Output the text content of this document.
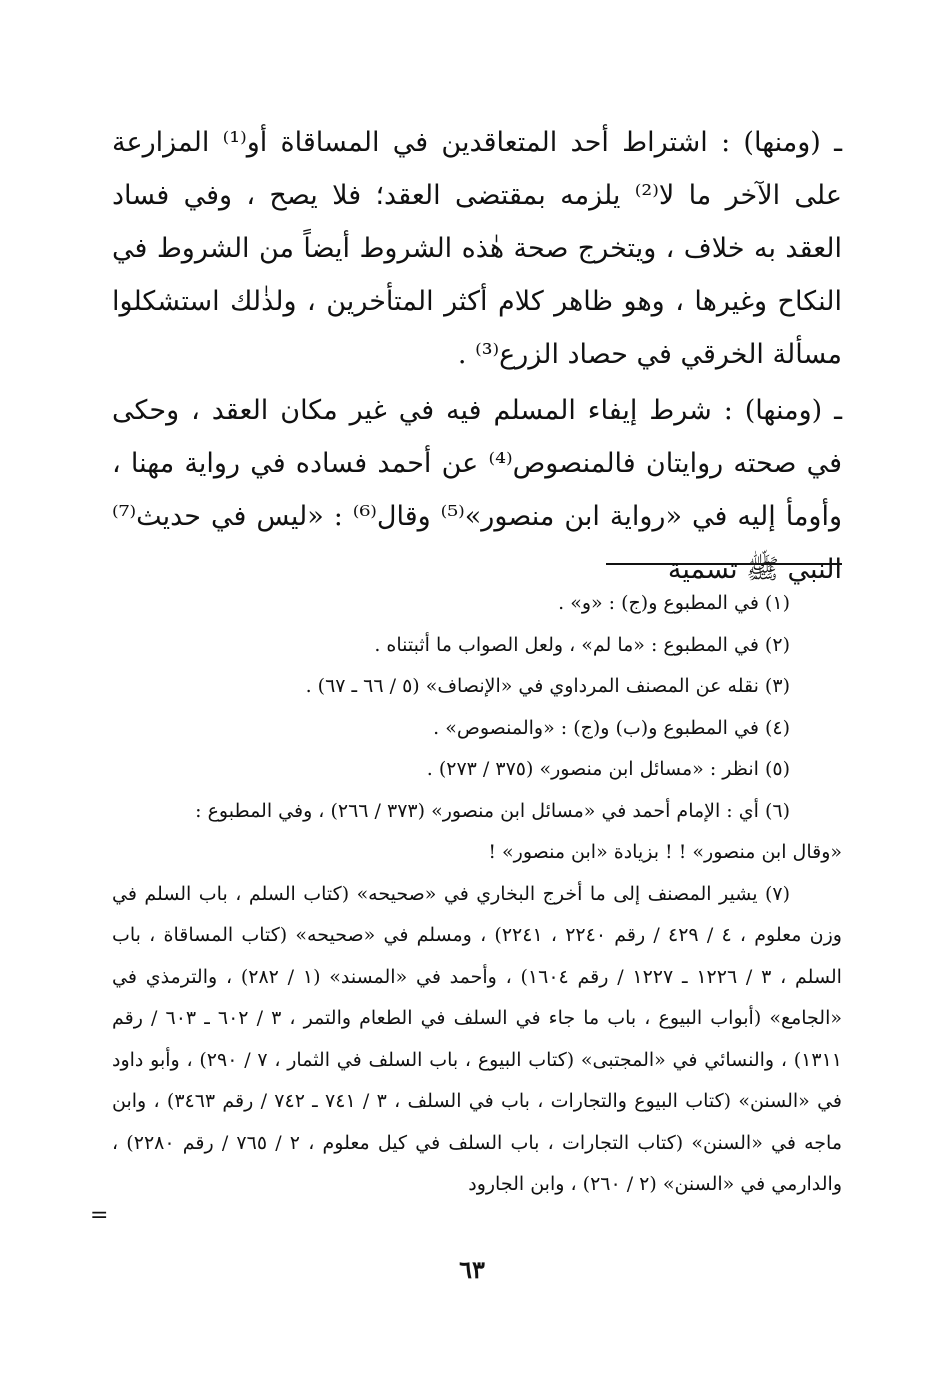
ـ (ومنها) : اشتراط أحد المتعاقدين في المساقاة أو⁽¹⁾ المزارعة على الآخر ما لا⁽²⁾ يلزمه بمقتضى العقد؛ فلا يصح ، وفي فساد العقد به خلاف ، ويتخرج صحة هٰذه الشروط أيضاً من الشروط في النكاح وغيرها ، وهو ظاهر كلام أكثر المتأخرين ، ولذٰلك استشكلوا مسألة الخرقي في حصاد الزرع⁽³⁾ .

ـ (ومنها) : شرط إيفاء المسلم فيه في غير مكان العقد ، وحكى في صحته روايتان فالمنصوص⁽⁴⁾ عن أحمد فساده في رواية مهنا ، وأومأ إليه في «رواية ابن منصور»⁽⁵⁾ وقال⁽⁶⁾ : «ليس في حديث⁽⁷⁾ النبي ﷺ تسمية

(١) في المطبوع و(ج) : «و» .

(٢) في المطبوع : «ما لم» ، ولعل الصواب ما أثبتناه .

(٣) نقله عن المصنف المرداوي في «الإنصاف» (٥ / ٦٦ ـ ٦٧) .

(٤) في المطبوع و(ب) و(ج) : «والمنصوص» .

(٥) انظر : «مسائل ابن منصور» (٣٧٥ / ٢٧٣) .

(٦) أي : الإمام أحمد في «مسائل ابن منصور» (٣٧٣ / ٢٦٦) ، وفي المطبوع :

«وقال ابن منصور» ! ! بزيادة «ابن منصور» !

(٧) يشير المصنف إلى ما أخرج البخاري في «صحيحه» (كتاب السلم ، باب السلم في وزن معلوم ، ٤ / ٤٢٩ / رقم ٢٢٤٠ ، ٢٢٤١) ، ومسلم في «صحيحه» (كتاب المساقاة ، باب السلم ، ٣ / ١٢٢٦ ـ ١٢٢٧ / رقم ١٦٠٤) ، وأحمد في «المسند» (١ / ٢٨٢) ، والترمذي في «الجامع» (أبواب البيوع ، باب ما جاء في السلف في الطعام والتمر ، ٣ / ٦٠٢ ـ ٦٠٣ / رقم ١٣١١) ، والنسائي في «المجتبى» (كتاب البيوع ، باب السلف في الثمار ، ٧ / ٢٩٠) ، وأبو داود في «السنن» (كتاب البيوع والتجارات ، باب في السلف ، ٣ / ٧٤١ ـ ٧٤٢ / رقم ٣٤٦٣) ، وابن ماجه في «السنن» (كتاب التجارات ، باب السلف في كيل معلوم ، ٢ / ٧٦٥ / رقم ٢٢٨٠) ، والدارمي في «السنن» (٢ / ٢٦٠) ، وابن الجارود

=
٦٣
